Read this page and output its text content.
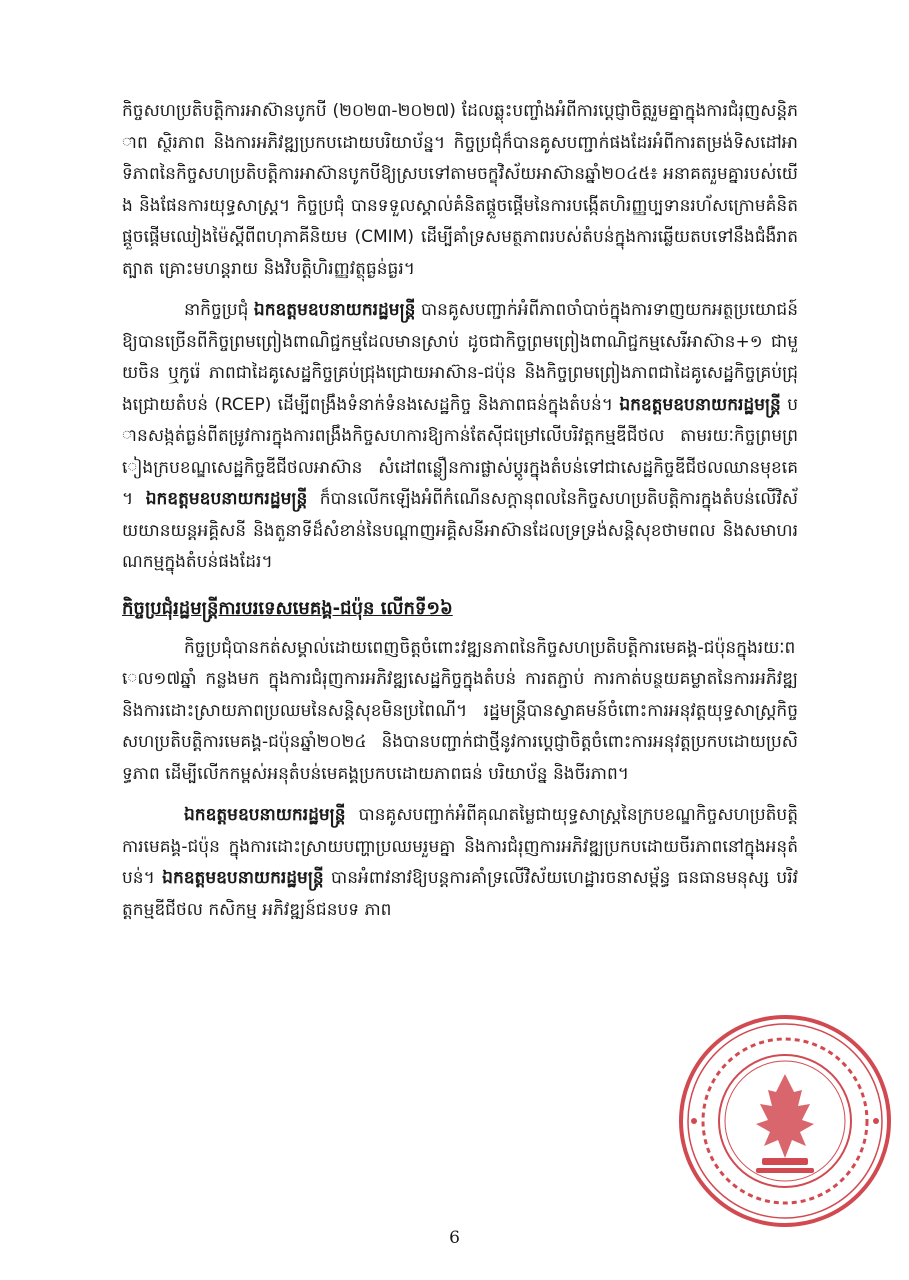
កិច្ចសហប្រតិបត្តិការអាស៊ានបូកបី (២០២៣-២០២៧) ដែលឆ្លុះបញ្ចាំងអំពីការប្តេជ្ញាចិត្តរួមគ្នាក្នុងការជំរុញសន្តិភាព ស្ថិរភាព និងការអភិវឌ្ឍប្រកបដោយបរិយាប័ន្ន។ កិច្ចប្រជុំក៏បានគូសបញ្ជាក់ផងដែរអំពីការតម្រង់ទិសដៅអាទិភាពនៃកិច្ចសហប្រតិបត្តិការអាស៊ានបូកបីឱ្យស្របទៅតាមចក្ខុវិស័យអាស៊ានឆ្នាំ២០៤៥៖ អនាគតរួមគ្នារបស់យើង និងផែនការយុទ្ធសាស្ត្រ។ កិច្ចប្រជុំ បានទទួលស្គាល់គំនិតផ្តួចផ្តើមនៃការបង្កើតហិរញ្ញប្បទានរហ័សក្រោមគំនិតផ្តួចផ្តើមឈៀងម៉ៃស្តីពីពហុភាគីនិយម (CMIM) ដើម្បីគាំទ្រសមត្ថភាពរបស់តំបន់ក្នុងការឆ្លើយតបទៅនឹងជំងឺរាតត្បាត គ្រោះមហន្តរាយ និងវិបត្តិហិរញ្ញវត្ថុធ្ងន់ធ្ងរ។

នាកិច្ចប្រជុំ ឯកឧត្តមឧបនាយករដ្ឋមន្ត្រី បានគូសបញ្ជាក់អំពីភាពចាំបាច់ក្នុងការទាញយកអត្ថប្រយោជន៍ឱ្យបានច្រើនពីកិច្ចព្រមព្រៀងពាណិជ្ជកម្មដែលមានស្រាប់ ដូចជាកិច្ចព្រមព្រៀងពាណិជ្ជកម្មសេរីអាស៊ាន+១ ជាមួយចិន ឬកូរ៉េ ភាពជាដៃគូសេដ្ឋកិច្ចគ្រប់ជ្រុងជ្រោយអាស៊ាន-ជប៉ុន និងកិច្ចព្រមព្រៀងភាពជាដៃគូសេដ្ឋកិច្ចគ្រប់ជ្រុងជ្រោយតំបន់ (RCEP) ដើម្បីពង្រឹងទំនាក់ទំនងសេដ្ឋកិច្ច និងភាពធន់ក្នុងតំបន់។ ឯកឧត្តមឧបនាយករដ្ឋមន្ត្រី បានសង្កត់ធ្ងន់ពីតម្រូវការក្នុងការពង្រឹងកិច្ចសហការឱ្យកាន់តែស៊ីជម្រៅលើបរិវត្តកម្មឌីជីថល តាមរយៈកិច្ចព្រមព្រៀងក្របខណ្ឌសេដ្ឋកិច្ចឌីជីថលអាស៊ាន សំដៅពន្លឿនការផ្លាស់ប្តូរក្នុងតំបន់ទៅជាសេដ្ឋកិច្ចឌីជីថលឈានមុខគេ។ ឯកឧត្តមឧបនាយករដ្ឋមន្ត្រី ក៏បានលើកឡើងអំពីកំណើនសក្តានុពលនៃកិច្ចសហប្រតិបត្តិការក្នុងតំបន់លើវិស័យយានយន្តអគ្គិសនី និងតួនាទីដ៏សំខាន់នៃបណ្តាញអគ្គិសនីអាស៊ានដែលទ្រទ្រង់សន្តិសុខថាមពល និងសមាហរណកម្មក្នុងតំបន់ផងដែរ។

កិច្ចប្រជុំរដ្ឋមន្ត្រីការបរទេសមេគង្គ-ជប៉ុន លើកទី១៦

កិច្ចប្រជុំបានកត់សម្គាល់ដោយពេញចិត្តចំពោះវឌ្ឍនភាពនៃកិច្ចសហប្រតិបត្តិការមេគង្គ-ជប៉ុនក្នុងរយៈពេល១៧ឆ្នាំ កន្លងមក ក្នុងការជំរុញការអភិវឌ្ឍសេដ្ឋកិច្ចក្នុងតំបន់ ការតភ្ជាប់ ការកាត់បន្ថយគម្លាតនៃការអភិវឌ្ឍ និងការដោះស្រាយភាពប្រឈមនៃសន្តិសុខមិនប្រពៃណី។ រដ្ឋមន្ត្រីបានស្វាគមន៍ចំពោះការអនុវត្តយុទ្ធសាស្ត្រកិច្ចសហប្រតិបត្តិការមេគង្គ-ជប៉ុនឆ្នាំ២០២៤ និងបានបញ្ជាក់ជាថ្មីនូវការប្តេជ្ញាចិត្តចំពោះការអនុវត្តប្រកបដោយប្រសិទ្ធភាព ដើម្បីលើកកម្ពស់អនុតំបន់មេគង្គប្រកបដោយភាពធន់ បរិយាប័ន្ន និងចីរភាព។

ឯកឧត្តមឧបនាយករដ្ឋមន្ត្រី បានគូសបញ្ជាក់អំពីគុណតម្លៃជាយុទ្ធសាស្ត្រនៃក្របខណ្ឌកិច្ចសហប្រតិបត្តិការមេគង្គ-ជប៉ុន ក្នុងការដោះស្រាយបញ្ហាប្រឈមរួមគ្នា និងការជំរុញការអភិវឌ្ឍប្រកបដោយចីរភាពនៅក្នុងអនុតំបន់។ ឯកឧត្តមឧបនាយករដ្ឋមន្ត្រី បានអំពាវនាវឱ្យបន្តការគាំទ្រលើវិស័យហេដ្ឋារចនាសម្ព័ន្ធ ធនធានមនុស្ស បរិវត្តកម្មឌីជីថល កសិកម្ម អភិវឌ្ឍន៍ជនបទ ភាព

6
